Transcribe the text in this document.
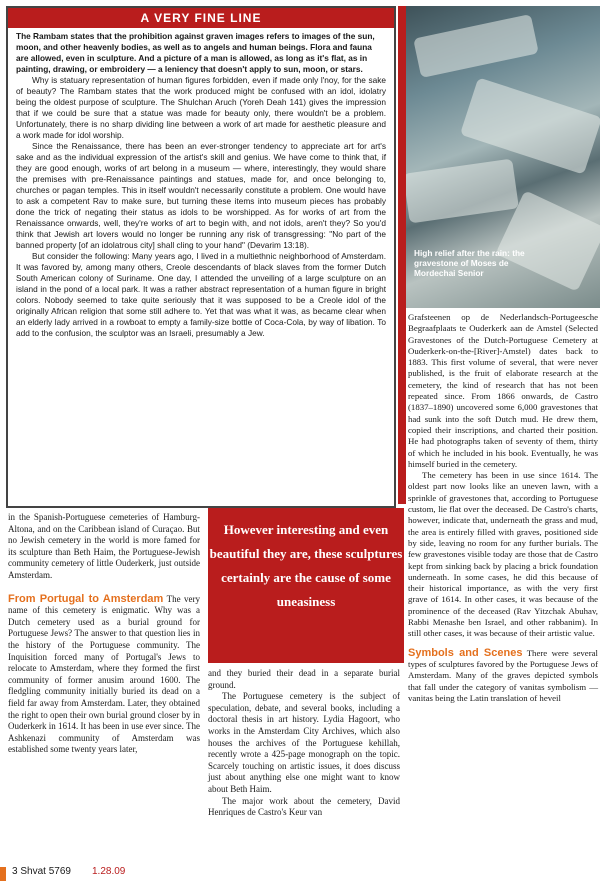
A VERY FINE LINE

The Rambam states that the prohibition against graven images refers to images of the sun, moon, and other heavenly bodies, as well as to angels and human beings. Flora and fauna are allowed, even in sculpture. And a picture of a man is allowed, as long as it's flat, as in painting, drawing, or embroidery — a leniency that doesn't apply to sun, moon, or stars.

Why is statuary representation of human figures forbidden, even if made only l'noy, for the sake of beauty? The Rambam states that the work produced might be confused with an idol, idolatry being the oldest purpose of sculpture. The Shulchan Aruch (Yoreh Deah 141) gives the impression that if we could be sure that a statue was made for beauty only, there wouldn't be a problem. Unfortunately, there is no sharp dividing line between a work of art made for aesthetic pleasure and a work made for idol worship.

Since the Renaissance, there has been an ever-stronger tendency to appreciate art for art's sake and as the individual expression of the artist's skill and genius. We have come to think that, if they are good enough, works of art belong in a museum — where, interestingly, they would share the premises with pre-Renaissance paintings and statues, made for, and once belonging to, churches or pagan temples. This in itself wouldn't necessarily constitute a problem. One would have to ask a competent Rav to make sure, but turning these items into museum pieces has probably done the trick of negating their status as idols to be worshipped. As for works of art from the Renaissance onwards, well, they're works of art to begin with, and not idols, aren't they? So you'd think that Jewish art lovers would no longer be running any risk of transgressing: "No part of the banned property [of an idolatrous city] shall cling to your hand" (Devarim 13:18).

But consider the following: Many years ago, I lived in a multiethnic neighborhood of Amsterdam. It was favored by, among many others, Creole descendants of black slaves from the former Dutch South American colony of Suriname. One day, I attended the unveiling of a large sculpture on an island in the pond of a local park. It was a rather abstract representation of a human figure in bright colors. Nobody seemed to take quite seriously that it was supposed to be a Creole idol of the originally African religion that some still adhere to. Yet that was what it was, as became clear when an elderly lady arrived in a rowboat to empty a family-size bottle of Coca-Cola, by way of libation. To add to the confusion, the sculptor was an Israeli, presumably a Jew.

High relief after the rain: the gravestone of Moses de Mordechai Senior

in the Spanish-Portuguese cemeteries of Hamburg-Altona, and on the Caribbean island of Curaçao. But no Jewish cemetery in the world is more famed for its sculpture than Beth Haim, the Portuguese-Jewish community cemetery of little Ouderkerk, just outside Amsterdam.

From Portugal to Amsterdam The very name of this cemetery is enigmatic. Why was a Dutch cemetery used as a burial ground for Portuguese Jews? The answer to that question lies in the history of the Portuguese community. The Inquisition forced many of Portugal's Jews to relocate to Amsterdam, where they formed the first community of former anusim around 1600. The fledgling community initially buried its dead on a field far away from Amsterdam. Later, they obtained the right to open their own burial ground closer by in Ouderkerk in 1614. It has been in use ever since. The Ashkenazi community of Amsterdam was established some twenty years later,

However interesting and even beautiful they are, these sculptures certainly are the cause of some uneasiness

and they buried their dead in a separate burial ground.

The Portuguese cemetery is the subject of speculation, debate, and several books, including a doctoral thesis in art history. Lydia Hagoort, who works in the Amsterdam City Archives, which also houses the archives of the Portuguese kehillah, recently wrote a 425-page monograph on the topic. Scarcely touching on artistic issues, it does discuss just about anything else one might want to know about Beth Haim.

The major work about the cemetery, David Henriques de Castro's Keur van

Grafsteenen op de Nederlandsch-Portugeesche Begraafplaats te Ouderkerk aan de Amstel (Selected Gravestones of the Dutch-Portuguese Cemetery at Ouderkerk-on-the-[River]-Amstel) dates back to 1883. This first volume of several, that were never published, is the fruit of elaborate research at the cemetery, the kind of research that has not been repeated since. From 1866 onwards, de Castro (1837–1890) uncovered some 6,000 gravestones that had sunk into the soft Dutch mud. He drew them, copied their inscriptions, and charted their position. He had photographs taken of seventy of them, thirty of which he included in his book. Eventually, he was himself buried in the cemetery.

The cemetery has been in use since 1614. The oldest part now looks like an uneven lawn, with a sprinkle of gravestones that, according to Portuguese custom, lie flat over the deceased. De Castro's charts, however, indicate that, underneath the grass and mud, the area is entirely filled with graves, positioned side by side, leaving no room for any further burials. The few gravestones visible today are those that de Castro kept from sinking back by placing a brick foundation underneath. In some cases, he did this because of their historical importance, as with the very first grave of 1614. In other cases, it was because of the prominence of the deceased (Rav Yitzchak Abuhav, Rabbi Menashe ben Israel, and other rabbanim). In still other cases, it was because of their artistic value.

Symbols and Scenes There were several types of sculptures favored by the Portuguese Jews of Amsterdam. Many of the graves depicted symbols that fall under the category of vanitas symbolism — vanitas being the Latin translation of heveil

3 Shvat 5769 1.28.09
